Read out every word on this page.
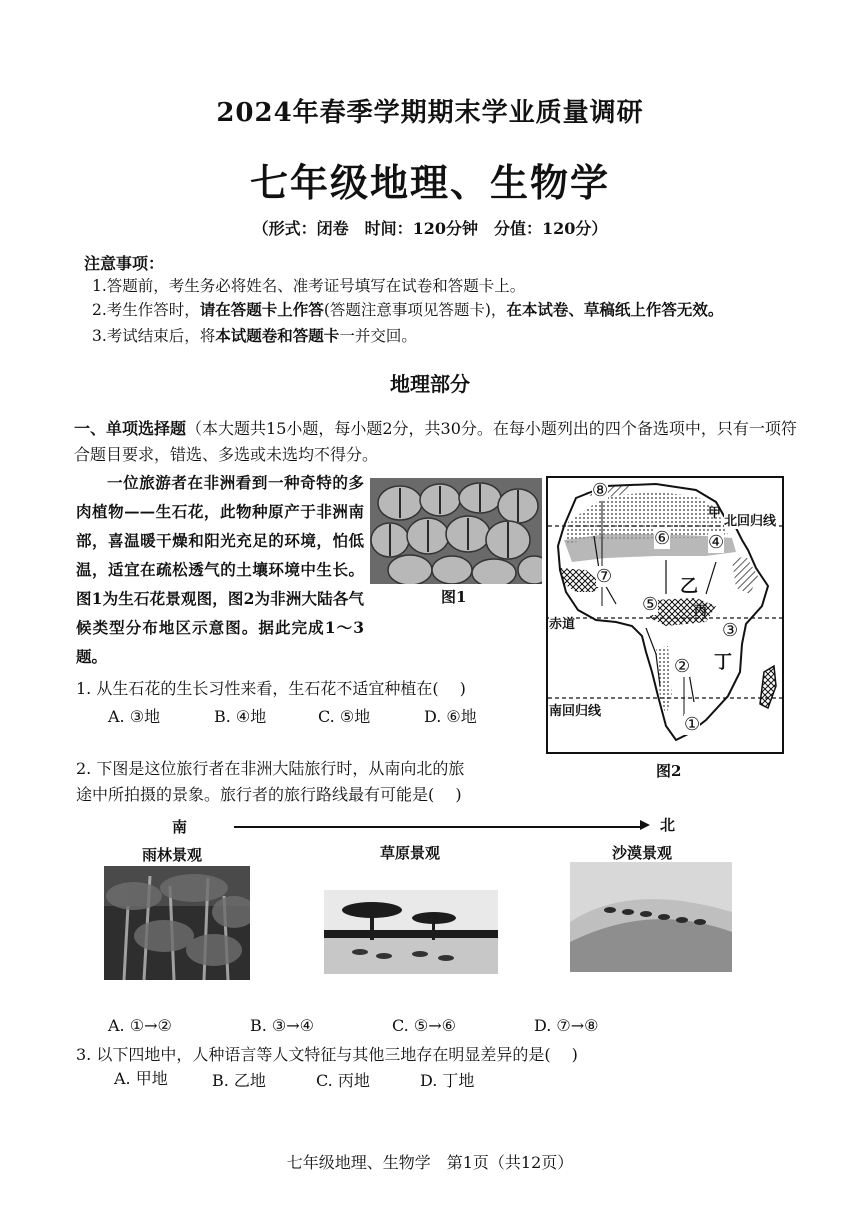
2024年春季学期期末学业质量调研
七年级地理、生物学
（形式：闭卷　时间：120分钟　分值：120分）
注意事项：
1.答题前，考生务必将姓名、准考证号填写在试卷和答题卡上。
2.考生作答时，请在答题卡上作答(答题注意事项见答题卡)，在本试卷、草稿纸上作答无效。
3.考试结束后，将本试题卷和答题卡一并交回。
地理部分
一、单项选择题（本大题共15小题，每小题2分，共30分。在每小题列出的四个备选项中，只有一项符合题目要求，错选、多选或未选均不得分。
一位旅游者在非洲看到一种奇特的多肉植物——生石花，此物种原产于非洲南部，喜温暖干燥和阳光充足的环境，怕低温，适宜在疏松透气的土壤环境中生长。图1为生石花景观图，图2为非洲大陆各气候类型分布地区示意图。据此完成1～3题。
图1
北回归线
赤道
南回归线
甲
乙
丙
丁
⑧
⑥ ④
⑦
⑤
③
②
①
图2
1. 从生石花的生长习性来看，生石花不适宜种植在(　 )
A. ③地	B. ④地	C. ⑤地	D. ⑥地
2. 下图是这位旅行者在非洲大陆旅行时，从南向北的旅
途中所拍摄的景象。旅行者的旅行路线最有可能是(　 )
南	北
雨林景观	草原景观	沙漠景观
A. ①→②	B. ③→④	C. ⑤→⑥	D. ⑦→⑧
3. 以下四地中，人种语言等人文特征与其他三地存在明显差异的是(　 )
A. 甲地	B. 乙地	C. 丙地	D. 丁地
七年级地理、生物学　第1页（共12页）
